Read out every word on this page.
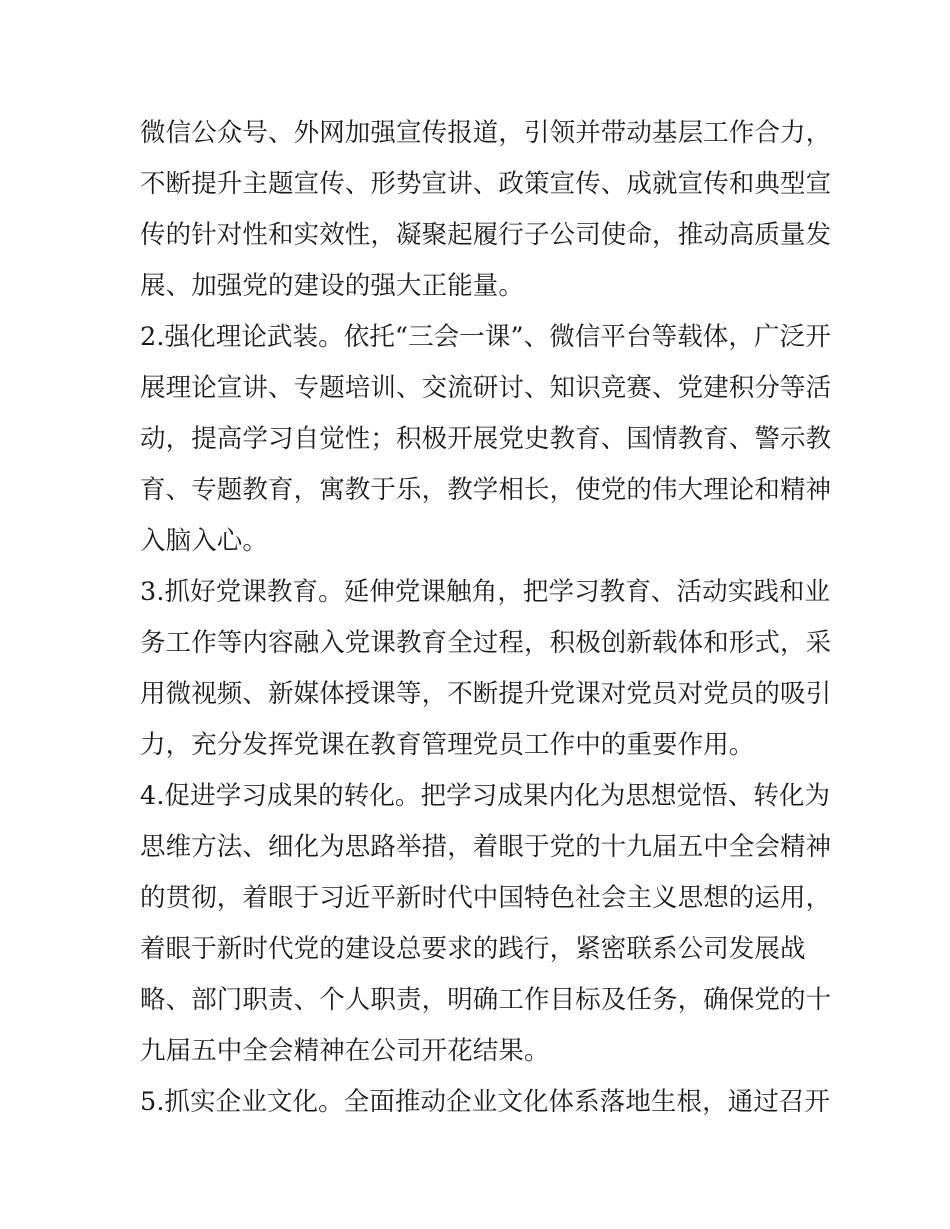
微信公众号、外网加强宣传报道，引领并带动基层工作合力，
不断提升主题宣传、形势宣讲、政策宣传、成就宣传和典型宣
传的针对性和实效性，凝聚起履行子公司使命，推动高质量发
展、加强党的建设的强大正能量。
2.强化理论武装。依托“三会一课”、微信平台等载体，广泛开
展理论宣讲、专题培训、交流研讨、知识竞赛、党建积分等活
动，提高学习自觉性；积极开展党史教育、国情教育、警示教
育、专题教育，寓教于乐，教学相长，使党的伟大理论和精神
入脑入心。
3.抓好党课教育。延伸党课触角，把学习教育、活动实践和业
务工作等内容融入党课教育全过程，积极创新载体和形式，采
用微视频、新媒体授课等，不断提升党课对党员对党员的吸引
力，充分发挥党课在教育管理党员工作中的重要作用。
4.促进学习成果的转化。把学习成果内化为思想觉悟、转化为
思维方法、细化为思路举措，着眼于党的十九届五中全会精神
的贯彻，着眼于习近平新时代中国特色社会主义思想的运用，
着眼于新时代党的建设总要求的践行，紧密联系公司发展战
略、部门职责、个人职责，明确工作目标及任务，确保党的十
九届五中全会精神在公司开花结果。
5.抓实企业文化。全面推动企业文化体系落地生根，通过召开
